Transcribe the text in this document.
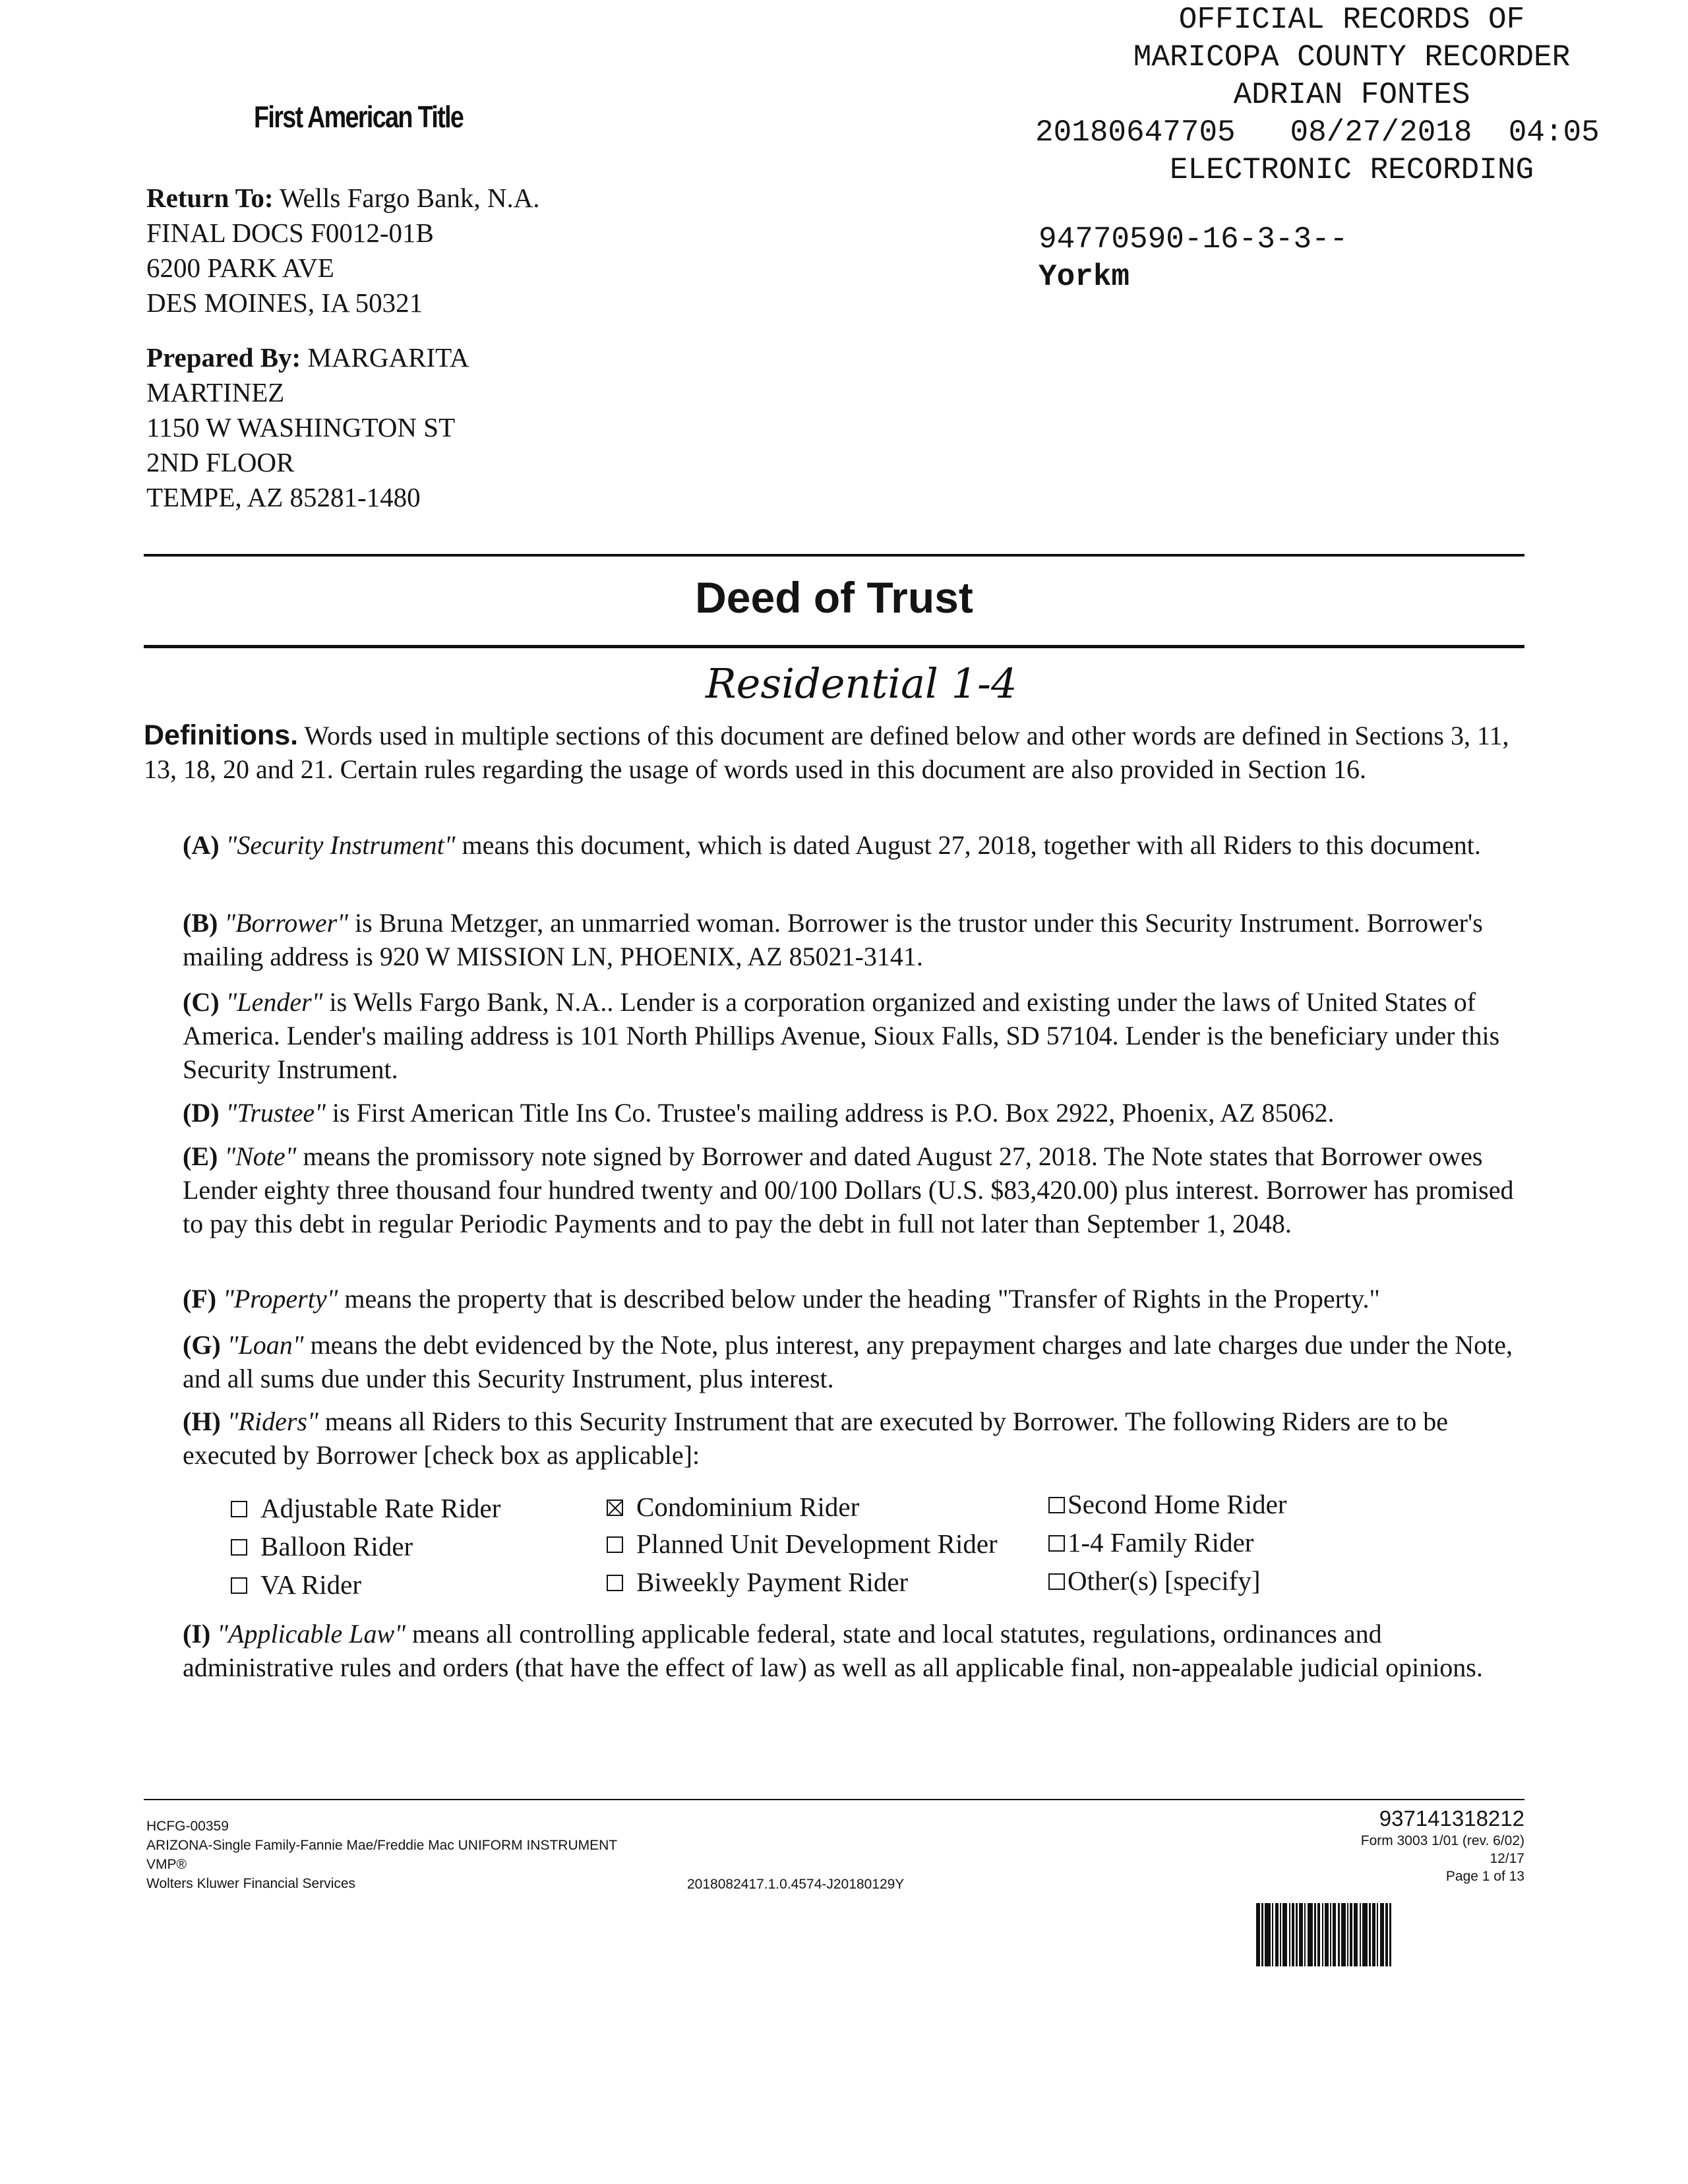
First American Title
OFFICIAL RECORDS OF
MARICOPA COUNTY RECORDER
ADRIAN FONTES
20180647705   08/27/2018  04:05
ELECTRONIC RECORDING
94770590-16-3-3--
Yorkm
Return To: Wells Fargo Bank, N.A.
FINAL DOCS F0012-01B
6200 PARK AVE
DES MOINES, IA 50321
Prepared By: MARGARITA
MARTINEZ
1150 W WASHINGTON ST
2ND FLOOR
TEMPE, AZ 85281-1480
Deed of Trust
Residential 1-4
Definitions. Words used in multiple sections of this document are defined below and other words are defined in Sections 3, 11, 13, 18, 20 and 21. Certain rules regarding the usage of words used in this document are also provided in Section 16.
(A) "Security Instrument" means this document, which is dated August 27, 2018, together with all Riders to this document.
(B) "Borrower" is Bruna Metzger, an unmarried woman. Borrower is the trustor under this Security Instrument. Borrower's mailing address is 920 W MISSION LN, PHOENIX, AZ 85021-3141.
(C) "Lender" is Wells Fargo Bank, N.A.. Lender is a corporation organized and existing under the laws of United States of America. Lender's mailing address is 101 North Phillips Avenue, Sioux Falls, SD 57104. Lender is the beneficiary under this Security Instrument.
(D) "Trustee" is First American Title Ins Co. Trustee's mailing address is P.O. Box 2922, Phoenix, AZ 85062.
(E) "Note" means the promissory note signed by Borrower and dated August 27, 2018. The Note states that Borrower owes Lender eighty three thousand four hundred twenty and 00/100 Dollars (U.S. $83,420.00) plus interest. Borrower has promised to pay this debt in regular Periodic Payments and to pay the debt in full not later than September 1, 2048.
(F) "Property" means the property that is described below under the heading "Transfer of Rights in the Property."
(G) "Loan" means the debt evidenced by the Note, plus interest, any prepayment charges and late charges due under the Note, and all sums due under this Security Instrument, plus interest.
(H) "Riders" means all Riders to this Security Instrument that are executed by Borrower. The following Riders are to be executed by Borrower [check box as applicable]:
Adjustable Rate Rider	Condominium Rider	Second Home Rider
Balloon Rider	Planned Unit Development Rider	1-4 Family Rider
VA Rider	Biweekly Payment Rider	Other(s) [specify]
(I) "Applicable Law" means all controlling applicable federal, state and local statutes, regulations, ordinances and administrative rules and orders (that have the effect of law) as well as all applicable final, non-appealable judicial opinions.
HCFG-00359
ARIZONA-Single Family-Fannie Mae/Freddie Mac UNIFORM INSTRUMENT
VMP®
Wolters Kluwer Financial Services	2018082417.1.0.4574-J20180129Y
937141318212
Form 3003 1/01 (rev. 6/02)
12/17
Page 1 of 13
